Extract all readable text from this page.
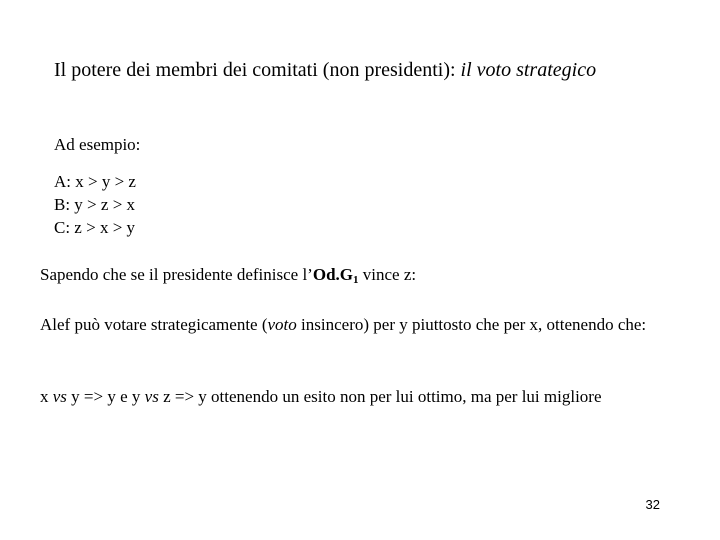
Il potere dei membri dei comitati (non presidenti): il voto strategico
Ad esempio:
A: x > y > z
B: y > z > x
C: z > x > y
Sapendo che se il presidente definisce $l’Od.G_1$ vince z:
Alef può votare strategicamente (voto insincero) per y piuttosto che per x, ottenendo che:
x vs y => y e y vs z => y ottenendo un esito non per lui ottimo, ma per lui migliore
32
